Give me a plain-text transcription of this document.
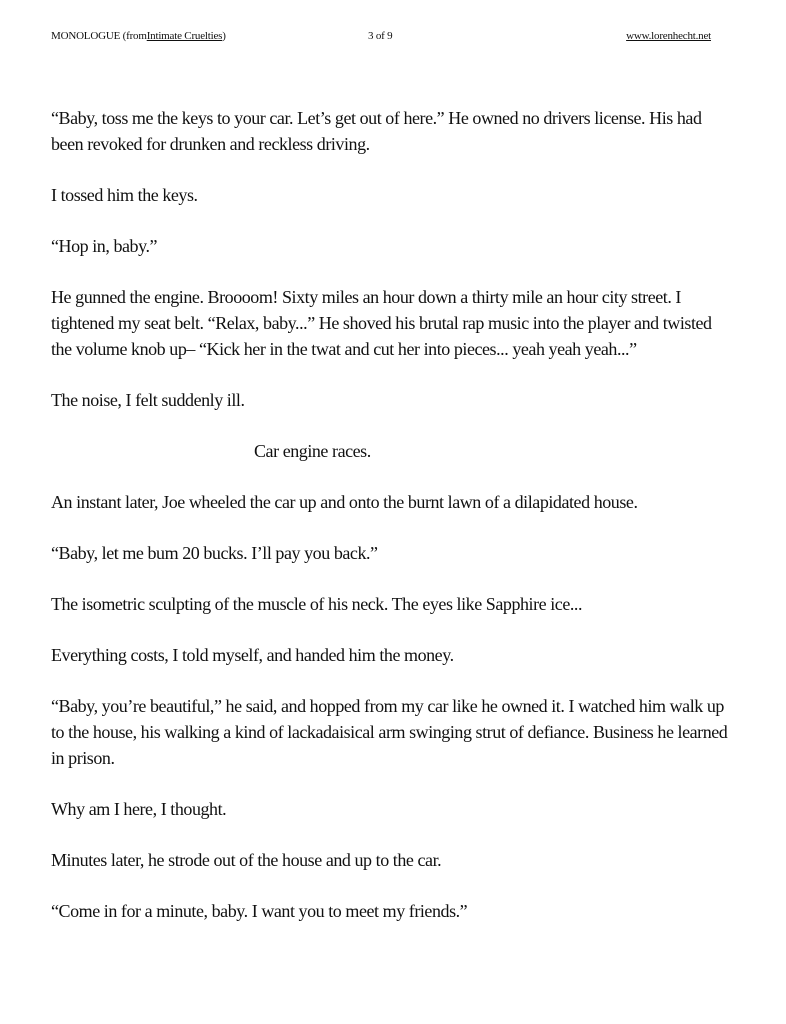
MONOLOGUE (fromIntimate Cruelties)	3 of 9	www.lorenhecht.net

“Baby, toss me the keys to your car. Let’s get out of here.” He owned no drivers license. His had been revoked for drunken and reckless driving.

I tossed him the keys.

“Hop in, baby.”

He gunned the engine. Broooom! Sixty miles an hour down a thirty mile an hour city street. I tightened my seat belt. “Relax, baby...” He shoved his brutal rap music into the player and twisted the volume knob up– “Kick her in the twat and cut her into pieces... yeah yeah yeah...”

The noise, I felt suddenly ill.

Car engine races.

An instant later, Joe wheeled the car up and onto the burnt lawn of a dilapidated house.

“Baby, let me bum 20 bucks. I’ll pay you back.”

The isometric sculpting of the muscle of his neck. The eyes like Sapphire ice...

Everything costs, I told myself, and handed him the money.

“Baby, you’re beautiful,” he said, and hopped from my car like he owned it. I watched him walk up to the house, his walking a kind of lackadaisical arm swinging strut of defiance. Business he learned in prison.

Why am I here, I thought.

Minutes later, he strode out of the house and up to the car.

“Come in for a minute, baby. I want you to meet my friends.”
